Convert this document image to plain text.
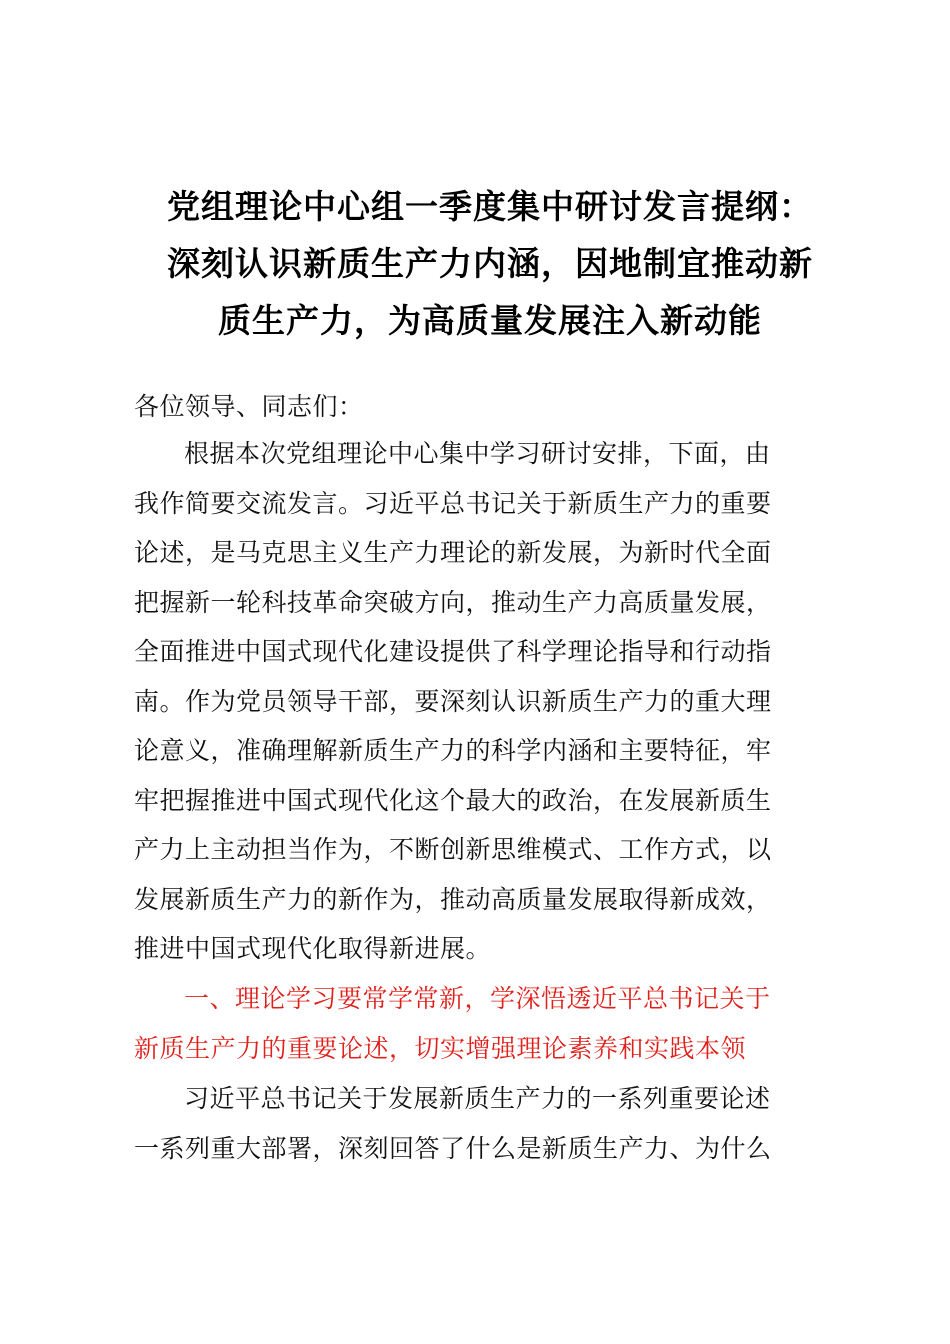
党组理论中心组一季度集中研讨发言提纲：
深刻认识新质生产力内涵，因地制宜推动新
质生产力，为高质量发展注入新动能

各位领导、同志们：

根据本次党组理论中心集中学习研讨安排，下面，由
我作简要交流发言。习近平总书记关于新质生产力的重要
论述，是马克思主义生产力理论的新发展，为新时代全面
把握新一轮科技革命突破方向，推动生产力高质量发展，
全面推进中国式现代化建设提供了科学理论指导和行动指
南。作为党员领导干部，要深刻认识新质生产力的重大理
论意义，准确理解新质生产力的科学内涵和主要特征，牢
牢把握推进中国式现代化这个最大的政治，在发展新质生
产力上主动担当作为，不断创新思维模式、工作方式，以
发展新质生产力的新作为，推动高质量发展取得新成效，
推进中国式现代化取得新进展。

一、理论学习要常学常新，学深悟透近平总书记关于
新质生产力的重要论述，切实增强理论素养和实践本领

习近平总书记关于发展新质生产力的一系列重要论述
一系列重大部署，深刻回答了什么是新质生产力、为什么
